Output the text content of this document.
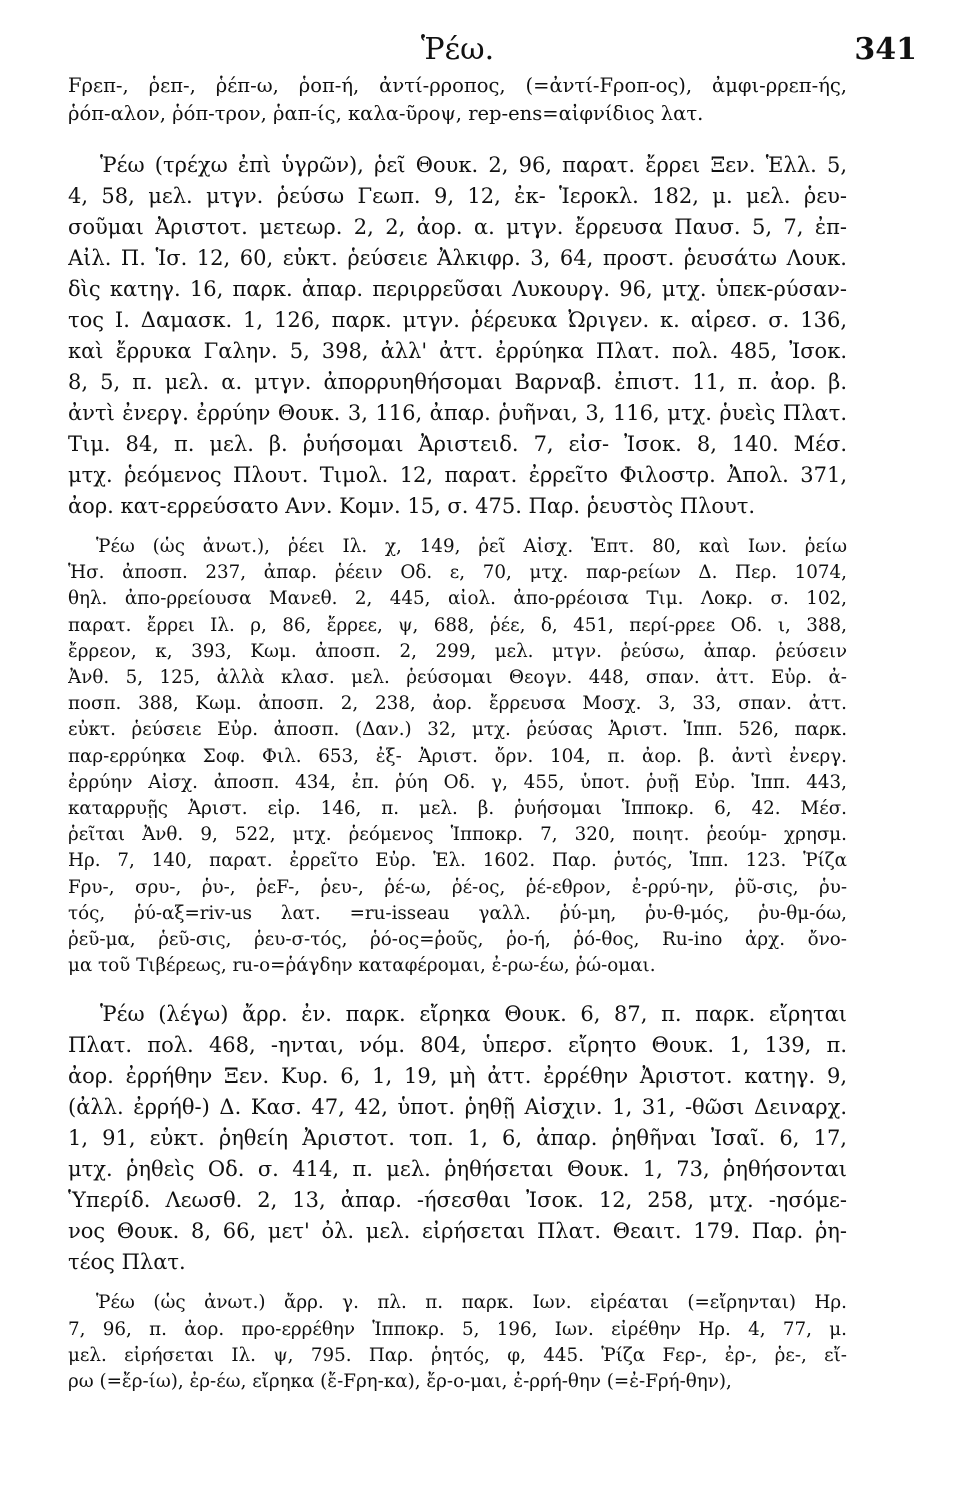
Ῥέω.	341
Fρεπ-, ῥεπ-, ῥέπ-ω, ῥοπ-ή, ἀντί-ρροπος, (=ἀντί-Fροπ-ος), ἀμφι-ρρεπ-ής,
ῥόπ-αλον, ῥόπ-τρον, ῥαπ-ίς, καλα-ῦροψ, rep-ens=αἰφνίδιος λατ.
Ῥέω (τρέχω ἐπὶ ὑγρῶν), ῥεῖ Θουκ. 2, 96, παρατ. ἔρρει Ξεν. Ἑλλ. 5,
4, 58, μελ. μτγν. ῥεύσω Γεωπ. 9, 12, ἐκ- Ἱεροκλ. 182, μ. μελ. ῥευ-
σοῦμαι Ἀριστοτ. μετεωρ. 2, 2, ἀορ. α. μτγν. ἔρρευσα Παυσ. 5, 7, ἐπ-
Αἰλ. Π. Ἱσ. 12, 60, εὐκτ. ῥεύσειε Ἀλκιφρ. 3, 64, προστ. ῥευσάτω Λουκ.
δὶς κατηγ. 16, παρκ. ἀπαρ. περιρρεῦσαι Λυκουργ. 96, μτχ. ὑπεκ-ρύσαν-
τος Ι. Δαμασκ. 1, 126, παρκ. μτγν. ῥέρευκα Ὠριγεν. κ. αἱρεσ. σ. 136,
καὶ ἔρρυκα Γαλην. 5, 398, ἀλλ' ἀττ. ἐρρύηκα Πλατ. πολ. 485, Ἰσοκ.
8, 5, π. μελ. α. μτγν. ἀπορρυηθήσομαι Βαρναβ. ἐπιστ. 11, π. ἀορ. β.
ἀντὶ ἐνεργ. ἐρρύην Θουκ. 3, 116, ἀπαρ. ῥυῆναι, 3, 116, μτχ. ῥυεὶς Πλατ.
Τιμ. 84, π. μελ. β. ῥυήσομαι Ἀριστειδ. 7, εἰσ- Ἰσοκ. 8, 140. Μέσ.
μτχ. ῥεόμενος Πλουτ. Τιμολ. 12, παρατ. ἐρρεῖτο Φιλοστρ. Ἀπολ. 371,
ἀορ. κατ-ερρεύσατο Ανν. Κομν. 15, σ. 475. Παρ. ῥευστὸς Πλουτ.
Ῥέω (ὡς ἀνωτ.), ῥέει Ιλ. χ, 149, ῥεῖ Αἰσχ. Ἑπτ. 80, καὶ Ιων. ῥείω
Ἡσ. ἀποσπ. 237, ἀπαρ. ῥέειν Οδ. ε, 70, μτχ. παρ-ρείων Δ. Περ. 1074,
θηλ. ἀπο-ρρείουσα Μανεθ. 2, 445, αἰολ. ἀπο-ρρέοισα Τιμ. Λοκρ. σ. 102,
παρατ. ἔρρει Ιλ. ρ, 86, ἔρρεε, ψ, 688, ῥέε, δ, 451, περί-ρρεε Οδ. ι, 388,
ἔρρεον, κ, 393, Κωμ. ἀποσπ. 2, 299, μελ. μτγν. ῥεύσω, ἀπαρ. ῥεύσειν
Ἀνθ. 5, 125, ἀλλὰ κλασ. μελ. ῥεύσομαι Θεογν. 448, σπαν. ἀττ. Εὐρ. ἀ-
ποσπ. 388, Κωμ. ἀποσπ. 2, 238, ἀορ. ἔρρευσα Μοσχ. 3, 33, σπαν. ἀττ.
εὐκτ. ῥεύσειε Εὐρ. ἀποσπ. (Δαν.) 32, μτχ. ῥεύσας Ἀριστ. Ἱππ. 526, παρκ.
παρ-ερρύηκα Σοφ. Φιλ. 653, ἐξ- Ἀριστ. ὄρν. 104, π. ἀορ. β. ἀντὶ ἐνεργ.
ἐρρύην Αἰσχ. ἀποσπ. 434, ἐπ. ῥύη Οδ. γ, 455, ὑποτ. ῥυῇ Εὐρ. Ἱππ. 443,
καταρρυῇς Ἀριστ. εἰρ. 146, π. μελ. β. ῥυήσομαι Ἱπποκρ. 6, 42. Μέσ.
ῥεῖται Ἀνθ. 9, 522, μτχ. ῥεόμενος Ἱπποκρ. 7, 320, ποιητ. ῥεούμ- χρησμ.
Ηρ. 7, 140, παρατ. ἐρρεῖτο Εὐρ. Ἑλ. 1602. Παρ. ῥυτός, Ἱππ. 123. Ῥίζα
Fρυ-, σρυ-, ῥυ-, ῥεF-, ῥευ-, ῥέ-ω, ῥέ-ος, ῥέ-εθρον, ἐ-ρρύ-ην, ῥῦ-σις, ῥυ-
τός, ῥύ-αξ=riv-us λατ. =ru-isseau γαλλ. ῥύ-μη, ῥυ-θ-μός, ῥυ-θμ-όω,
ῥεῦ-μα, ῥεῦ-σις, ῥευ-σ-τός, ῥό-ος=ῥοῦς, ῥο-ή, ῥό-θος, Ru-ino ἀρχ. ὄνο-
μα τοῦ Τιβέρεως, ru-o=ῥάγδην καταφέρομαι, ἐ-ρω-έω, ῥώ-ομαι.
Ῥέω (λέγω) ἄρρ. ἐν. παρκ. εἴρηκα Θουκ. 6, 87, π. παρκ. εἴρηται
Πλατ. πολ. 468, -ηνται, νόμ. 804, ὑπερσ. εἴρητο Θουκ. 1, 139, π.
ἀορ. ἐρρήθην Ξεν. Κυρ. 6, 1, 19, μὴ ἀττ. ἐρρέθην Ἀριστοτ. κατηγ. 9,
(ἀλλ. ἐρρήθ-) Δ. Κασ. 47, 42, ὑποτ. ῥηθῇ Αἰσχιν. 1, 31, -θῶσι Δειναρχ.
1, 91, εὐκτ. ῥηθείη Ἀριστοτ. τοπ. 1, 6, ἀπαρ. ῥηθῆναι Ἰσαῖ. 6, 17,
μτχ. ῥηθεὶς Οδ. σ. 414, π. μελ. ῥηθήσεται Θουκ. 1, 73, ῥηθήσονται
Ὑπερίδ. Λεωσθ. 2, 13, ἀπαρ. -ήσεσθαι Ἰσοκ. 12, 258, μτχ. -ησόμε-
νος Θουκ. 8, 66, μετ' ὀλ. μελ. εἰρήσεται Πλατ. Θεαιτ. 179. Παρ. ῥη-
τέος Πλατ.
Ῥέω (ὡς ἀνωτ.) ἄρρ. γ. πλ. π. παρκ. Ιων. εἰρέαται (=εἴρηνται) Ηρ.
7, 96, π. ἀορ. προ-ερρέθην Ἱπποκρ. 5, 196, Ιων. εἰρέθην Ηρ. 4, 77, μ.
μελ. εἰρήσεται Ιλ. ψ, 795. Παρ. ῥητός, φ, 445. Ῥίζα Fερ-, ἐρ-, ῥε-, εἴ-
ρω (=ἔρ-ίω), ἐρ-έω, εἴρηκα (ἔ-Fρη-κα), ἔρ-ο-μαι, ἐ-ρρή-θην (=ἐ-Fρή-θην),
